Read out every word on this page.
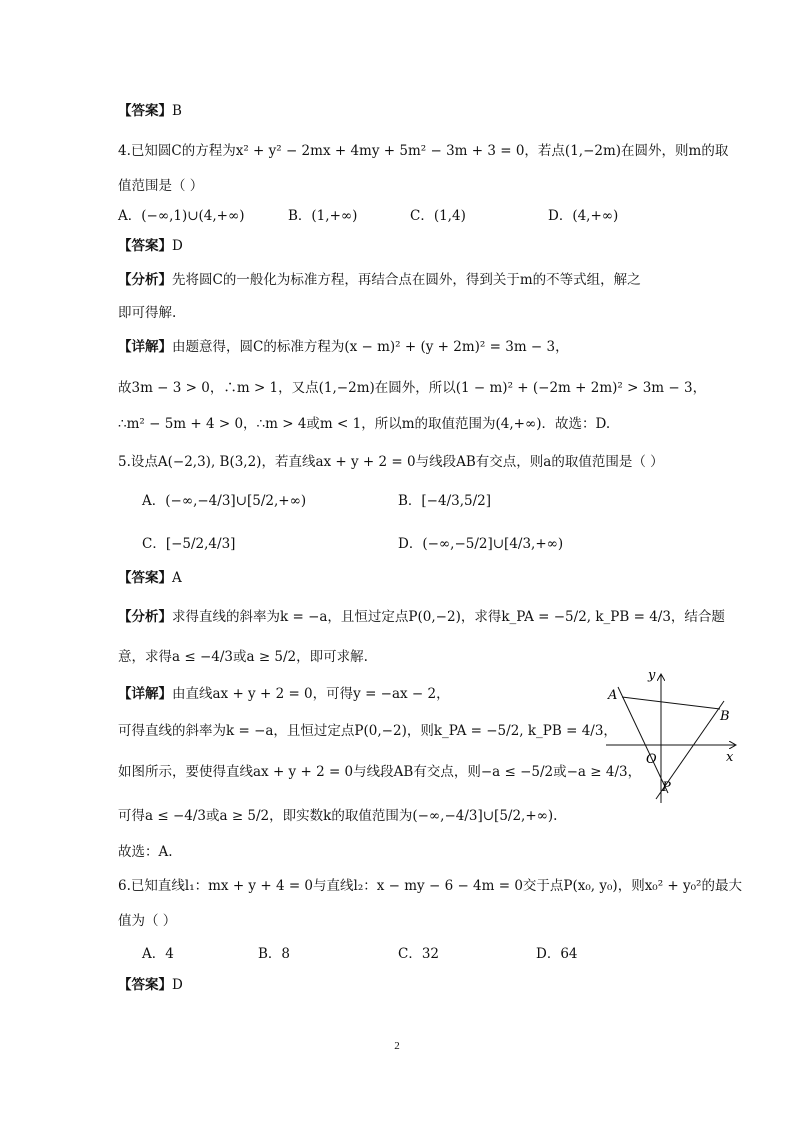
【答案】B
4.已知圆C的方程为x² + y² − 2mx + 4my + 5m² − 3m + 3 = 0，若点(1,−2m)在圆外，则m的取
值范围是（ ）
A．(−∞,1)∪(4,+∞)	B．(1,+∞)	C．(1,4)	D．(4,+∞)
【答案】D
【分析】先将圆C的一般化为标准方程，再结合点在圆外，得到关于m的不等式组，解之
即可得解.
【详解】由题意得，圆C的标准方程为(x − m)² + (y + 2m)² = 3m − 3，
故3m − 3 > 0，∴m > 1，又点(1,−2m)在圆外，所以(1 − m)² + (−2m + 2m)² > 3m − 3，
∴m² − 5m + 4 > 0，∴m > 4或m < 1，所以m的取值范围为(4,+∞)．故选：D.
5.设点A(−2,3), B(3,2)，若直线ax + y + 2 = 0与线段AB有交点，则a的取值范围是（ ）
A．(−∞,−4/3]∪[5/2,+∞)	B．[−4/3,5/2]
C．[−5/2,4/3]	D．(−∞,−5/2]∪[4/3,+∞)
【答案】A
【分析】求得直线的斜率为k = −a，且恒过定点P(0,−2)，求得k_PA = −5/2, k_PB = 4/3，结合题
意，求得a ≤ −4/3或a ≥ 5/2，即可求解.
【详解】由直线ax + y + 2 = 0，可得y = −ax − 2，
可得直线的斜率为k = −a，且恒过定点P(0,−2)，则k_PA = −5/2, k_PB = 4/3，
如图所示，要使得直线ax + y + 2 = 0与线段AB有交点，则−a ≤ −5/2或−a ≥ 4/3，
可得a ≤ −4/3或a ≥ 5/2，即实数k的取值范围为(−∞,−4/3]∪[5/2,+∞).
故选：A.
6.已知直线l₁：mx + y + 4 = 0与直线l₂：x − my − 6 − 4m = 0交于点P(x₀, y₀)，则x₀² + y₀²的最大
值为（ ）
A．4	B．8	C．32	D．64
【答案】D
2
A
B
O
P
x
y
